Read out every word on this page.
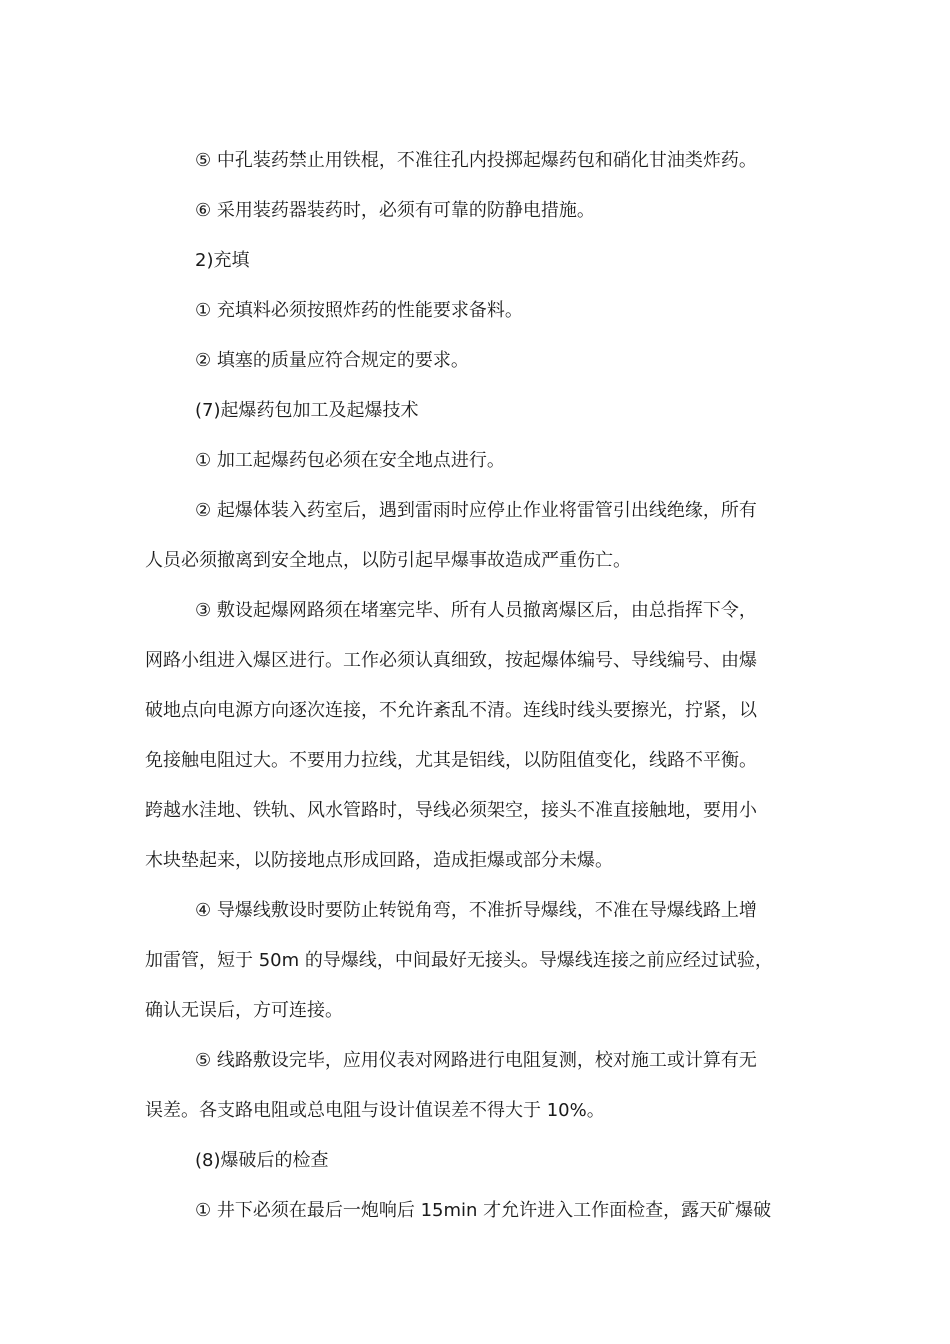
⑤ 中孔装药禁止用铁棍，不准往孔内投掷起爆药包和硝化甘油类炸药。

⑥ 采用装药器装药时，必须有可靠的防静电措施。

2)充填

① 充填料必须按照炸药的性能要求备料。

② 填塞的质量应符合规定的要求。

(7)起爆药包加工及起爆技术

① 加工起爆药包必须在安全地点进行。

② 起爆体装入药室后，遇到雷雨时应停止作业将雷管引出线绝缘，所有
人员必须撤离到安全地点，以防引起早爆事故造成严重伤亡。

③ 敷设起爆网路须在堵塞完毕、所有人员撤离爆区后，由总指挥下令，
网路小组进入爆区进行。工作必须认真细致，按起爆体编号、导线编号、由爆
破地点向电源方向逐次连接，不允许紊乱不清。连线时线头要擦光，拧紧，以
免接触电阻过大。不要用力拉线，尤其是铝线，以防阻值变化，线路不平衡。
跨越水洼地、铁轨、风水管路时，导线必须架空，接头不准直接触地，要用小
木块垫起来，以防接地点形成回路，造成拒爆或部分未爆。

④ 导爆线敷设时要防止转锐角弯，不准折导爆线，不准在导爆线路上增
加雷管，短于 50m 的导爆线，中间最好无接头。导爆线连接之前应经过试验，
确认无误后，方可连接。

⑤ 线路敷设完毕，应用仪表对网路进行电阻复测，校对施工或计算有无
误差。各支路电阻或总电阻与设计值误差不得大于 10%。

(8)爆破后的检查

① 井下必须在最后一炮响后 15min 才允许进入工作面检查，露天矿爆破
